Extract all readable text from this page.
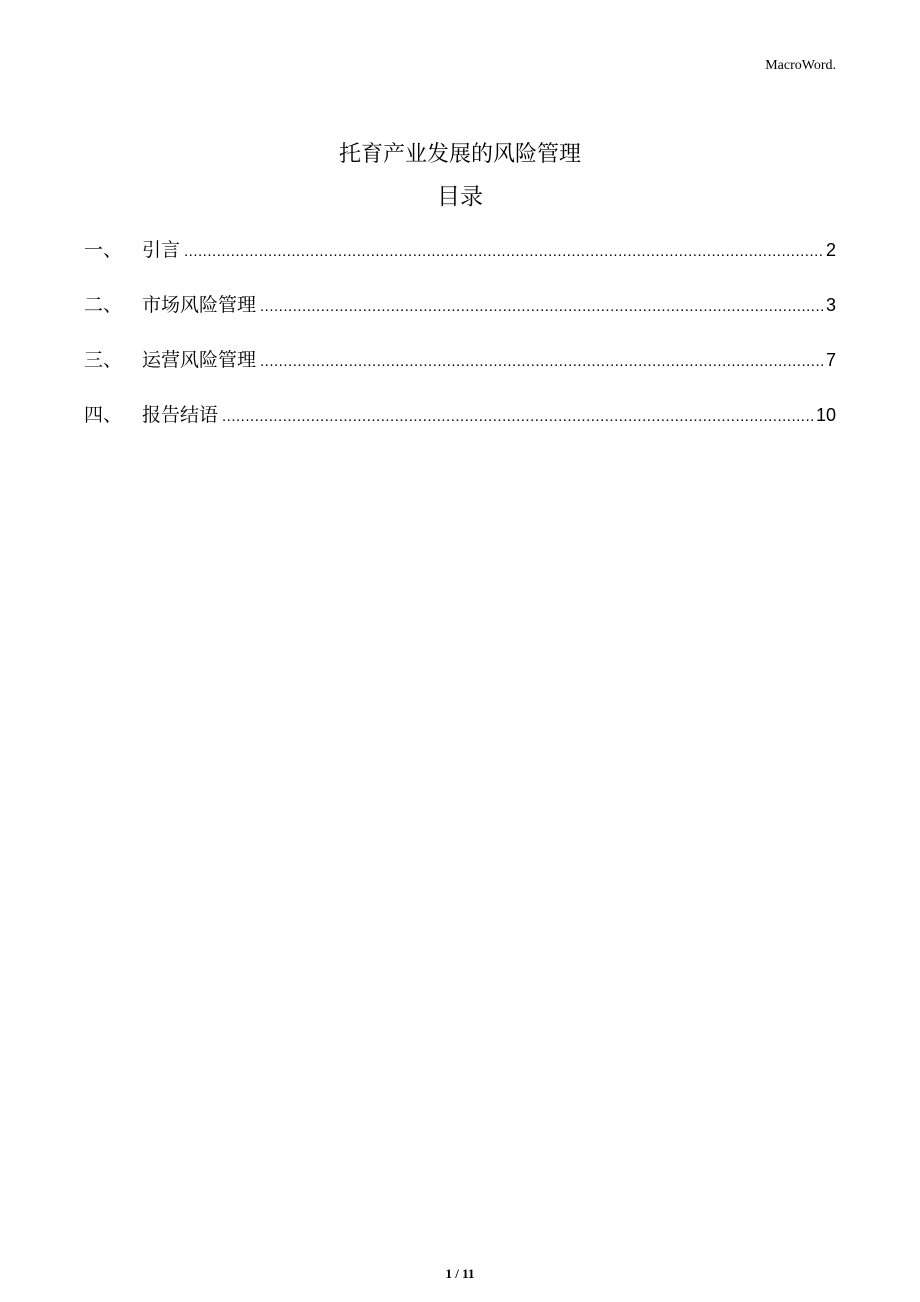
MacroWord.
托育产业发展的风险管理
目录
一、	引言 .....	2
二、	市场风险管理 .....	3
三、	运营风险管理 .....	7
四、	报告结语 .....	10
1 / 11
